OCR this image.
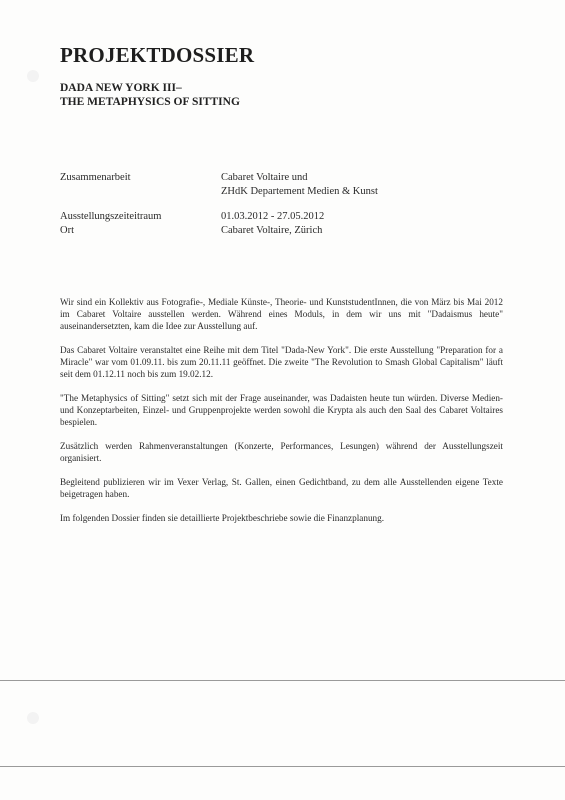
PROJEKTDOSSIER
DADA NEW YORK III–
THE METAPHYSICS OF SITTING
Zusammenarbeit	Cabaret Voltaire und
ZHdK Departement Medien & Kunst
Ausstellungszeiteitraum
Ort
01.03.2012 - 27.05.2012
Cabaret Voltaire, Zürich

Wir sind ein Kollektiv aus Fotografie-, Mediale Künste-, Theorie- und KunststudentInnen, die von März bis Mai 2012 im Cabaret Voltaire ausstellen werden. Während eines Moduls, in dem wir uns mit "Dadaismus heute" auseinandersetzten, kam die Idee zur Ausstellung auf.

Das Cabaret Voltaire veranstaltet eine Reihe mit dem Titel "Dada-New York". Die erste Ausstellung "Preparation for a Miracle" war vom 01.09.11. bis zum 20.11.11 geöffnet. Die zweite "The Revolution to Smash Global Capitalism" läuft seit dem 01.12.11 noch bis zum 19.02.12.

"The Metaphysics of Sitting" setzt sich mit der Frage auseinander, was Dadaisten heute tun würden. Diverse Medien- und Konzeptarbeiten, Einzel- und Gruppenprojekte werden sowohl die Krypta als auch den Saal des Cabaret Voltaires bespielen.

Zusätzlich werden Rahmenveranstaltungen (Konzerte, Performances, Lesungen) während der Ausstellungszeit organisiert.

Begleitend publizieren wir im Vexer Verlag, St. Gallen, einen Gedichtband, zu dem alle Ausstellenden eigene Texte beigetragen haben.

Im folgenden Dossier finden sie detaillierte Projektbeschriebe sowie die Finanzplanung.
